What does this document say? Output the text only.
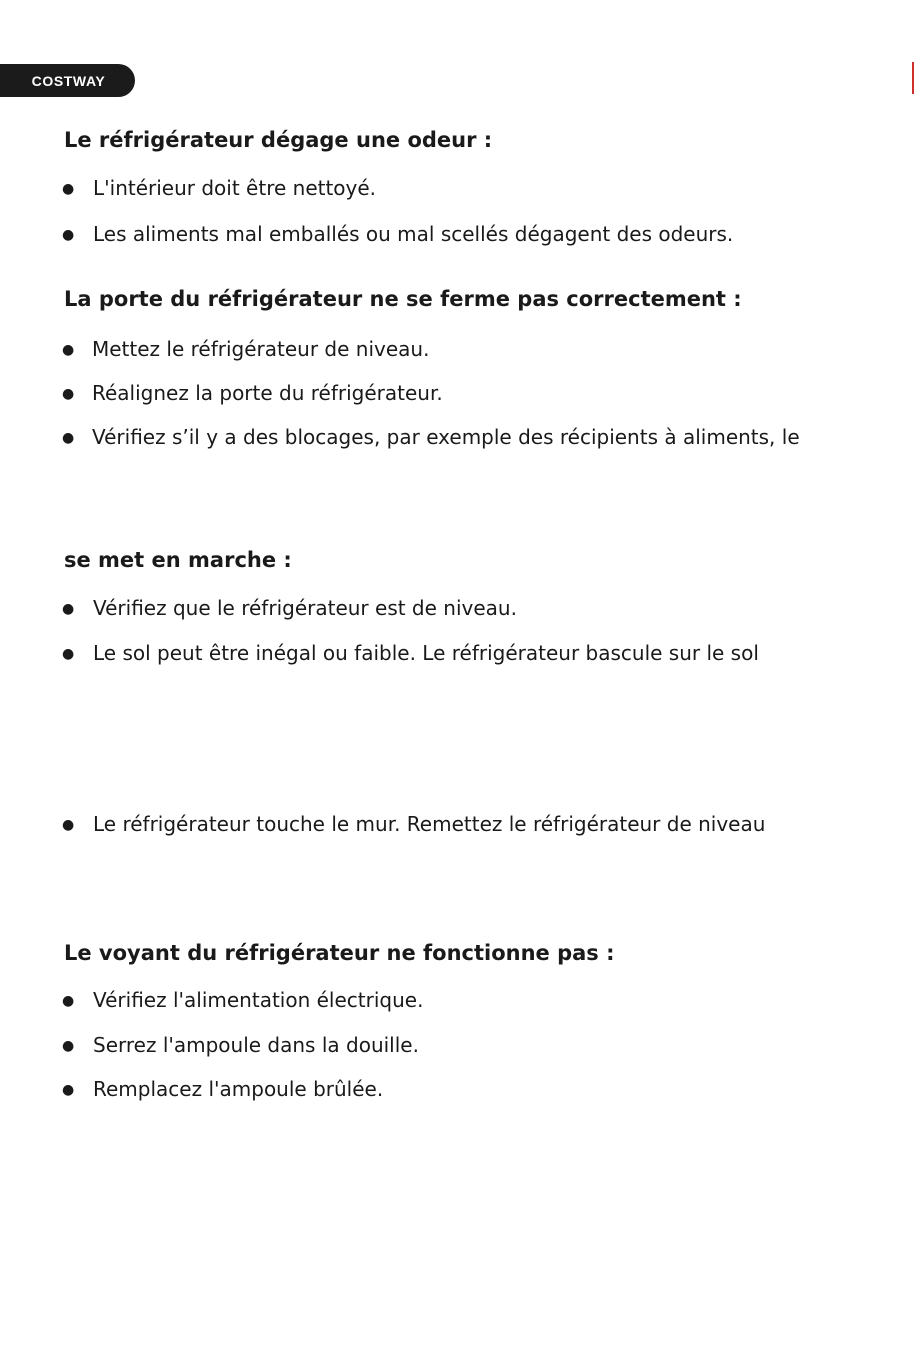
COSTWAY
Le réfrigérateur dégage une odeur :
● L'intérieur doit être nettoyé.
● Les aliments mal emballés ou mal scellés dégagent des odeurs.
La porte du réfrigérateur ne se ferme pas correctement :
● Mettez le réfrigérateur de niveau.
● Réalignez la porte du réfrigérateur.
● Vérifiez s’il y a des blocages, par exemple des récipients à aliments, le
se met en marche :
● Vérifiez que le réfrigérateur est de niveau.
● Le sol peut être inégal ou faible. Le réfrigérateur bascule sur le sol
● Le réfrigérateur touche le mur. Remettez le réfrigérateur de niveau
Le voyant du réfrigérateur ne fonctionne pas :
● Vérifiez l'alimentation électrique.
● Serrez l'ampoule dans la douille.
● Remplacez l'ampoule brûlée.
